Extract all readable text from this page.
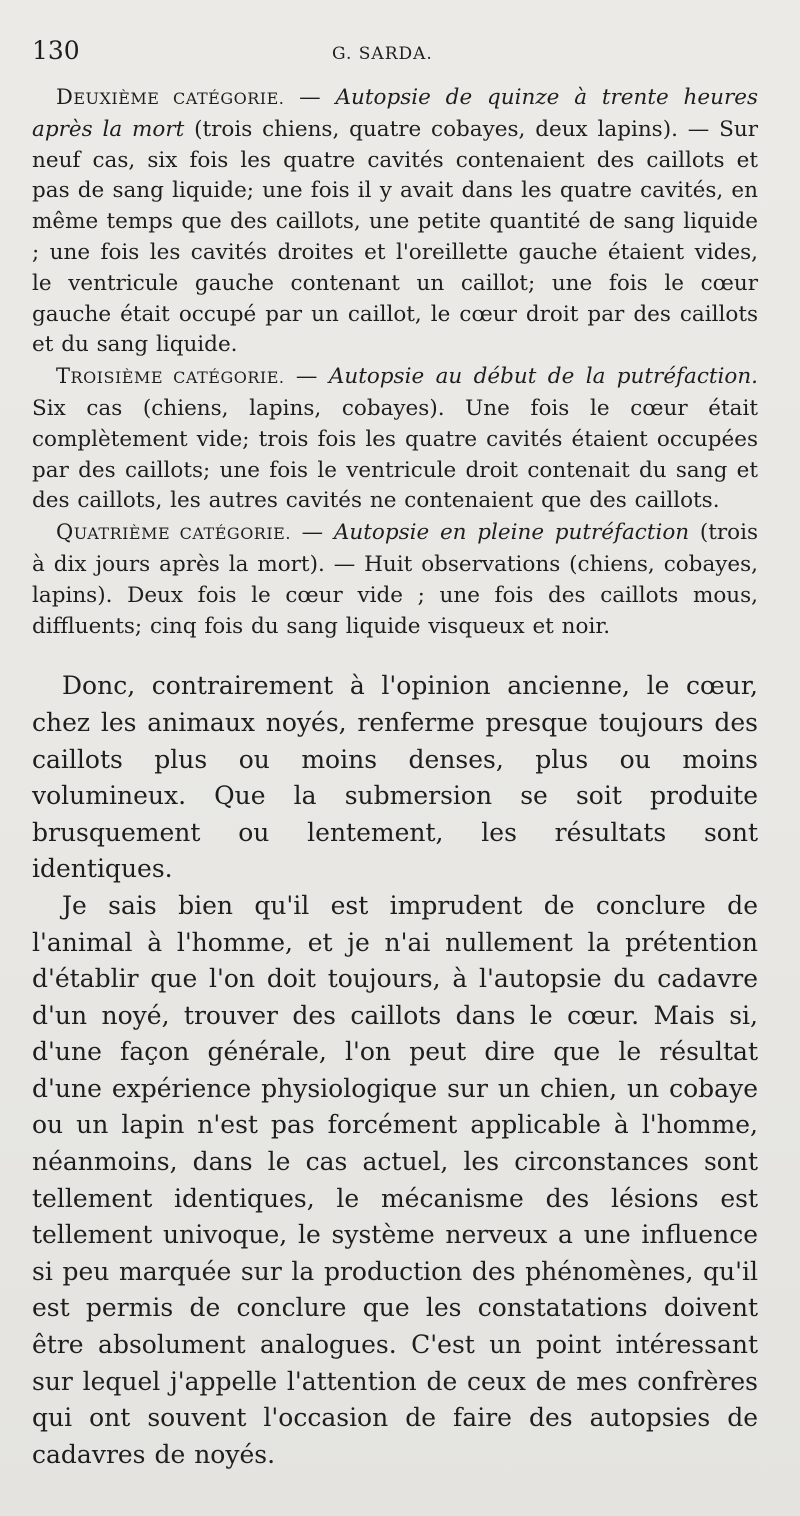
130	G. SARDA.

DEUXIÈME CATÉGORIE. — Autopsie de quinze à trente heures après la mort (trois chiens, quatre cobayes, deux lapins). — Sur neuf cas, six fois les quatre cavités contenaient des caillots et pas de sang liquide; une fois il y avait dans les quatre cavités, en même temps que des caillots, une petite quantité de sang liquide ; une fois les cavités droites et l'oreillette gauche étaient vides, le ventricule gauche contenant un caillot; une fois le cœur gauche était occupé par un caillot, le cœur droit par des caillots et du sang liquide.

TROISIÈME CATÉGORIE. — Autopsie au début de la putréfaction. Six cas (chiens, lapins, cobayes). Une fois le cœur était complètement vide; trois fois les quatre cavités étaient occupées par des caillots; une fois le ventricule droit contenait du sang et des caillots, les autres cavités ne contenaient que des caillots.

QUATRIÈME CATÉGORIE. — Autopsie en pleine putréfaction (trois à dix jours après la mort). — Huit observations (chiens, cobayes, lapins). Deux fois le cœur vide ; une fois des caillots mous, diffluents; cinq fois du sang liquide visqueux et noir.

Donc, contrairement à l'opinion ancienne, le cœur, chez les animaux noyés, renferme presque toujours des caillots plus ou moins denses, plus ou moins volumineux. Que la submersion se soit produite brusquement ou lentement, les résultats sont identiques.

Je sais bien qu'il est imprudent de conclure de l'animal à l'homme, et je n'ai nullement la prétention d'établir que l'on doit toujours, à l'autopsie du cadavre d'un noyé, trouver des caillots dans le cœur. Mais si, d'une façon générale, l'on peut dire que le résultat d'une expérience physiologique sur un chien, un cobaye ou un lapin n'est pas forcément applicable à l'homme, néanmoins, dans le cas actuel, les circonstances sont tellement identiques, le mécanisme des lésions est tellement univoque, le système nerveux a une influence si peu marquée sur la production des phénomènes, qu'il est permis de conclure que les constatations doivent être absolument analogues. C'est un point intéressant sur lequel j'appelle l'attention de ceux de mes confrères qui ont souvent l'occasion de faire des autopsies de cadavres de noyés.
